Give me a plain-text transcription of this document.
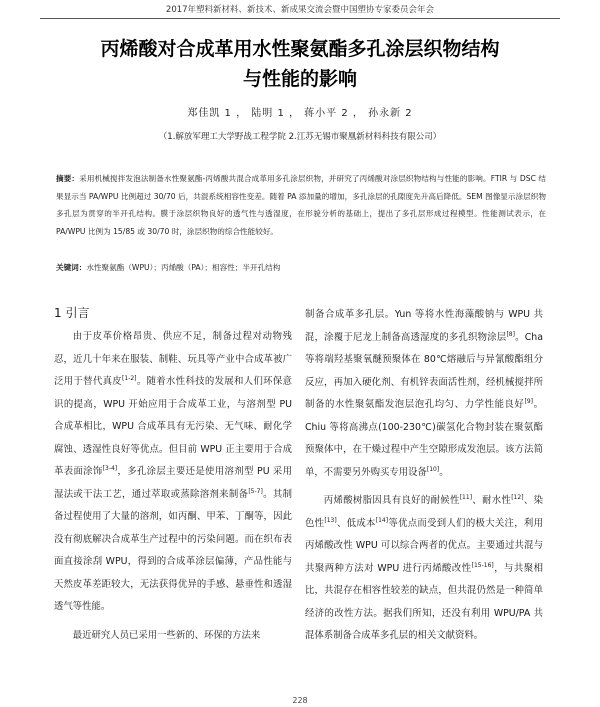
2017年塑料新材料、新技术、新成果交流会暨中国塑协专家委员会年会
丙烯酸对合成革用水性聚氨酯多孔涂层织物结构
与性能的影响
郑佳凯 1 ， 陆明 1 ， 蒋小平 2 ， 孙永新 2
（1.解放军理工大学野战工程学院 2.江苏无锡市聚凰新材料科技有限公司）
摘要：采用机械搅拌发泡法制备水性聚氨酯-丙烯酸共混合成革用多孔涂层织物，并研究了丙烯酸对涂层织物结构与性能的影响。FTIR 与 DSC 结果显示当 PA/WPU 比例超过 30/70 后，共混系统相容性变差。随着 PA 添加量的增加，多孔涂层的孔隙度先升高后降低。SEM 图像显示涂层织物多孔层为贯穿的半开孔结构。膜于涂层织物良好的透气性与透湿度，在形貌分析的基础上，提出了多孔层形成过程模型。性能测试表示，在 PA/WPU 比例为 15/85 或 30/70 时，涂层织物的综合性能较好。
关键词：水性聚氨酯（WPU）；丙烯酸（PA）；相容性；半开孔结构
1 引言

由于皮革价格昂贵、供应不足，制备过程对动物残忍，近几十年来在服装、制鞋、玩具等产业中合成革被广泛用于替代真皮[1-2]。随着水性科技的发展和人们环保意识的提高，WPU 开始应用于合成革工业，与溶剂型 PU 合成革相比，WPU 合成革具有无污染、无气味、耐化学腐蚀、透湿性良好等优点。但目前 WPU 正主要用于合成革表面涂饰[3-4]，多孔涂层主要还是使用溶剂型 PU 采用湿法或干法工艺，通过萃取或蒸除溶剂来制备[5-7]。其制备过程使用了大量的溶剂，如丙酮、甲苯、丁酮等，因此没有彻底解决合成革生产过程中的污染问题。而在织布表面直接涂刮 WPU，得到的合成革涂层偏薄，产品性能与天然皮革差距较大，无法获得优异的手感、悬垂性和透湿透气等性能。

最近研究人员已采用一些新的、环保的方法来

制备合成革多孔层。Yun 等将水性海藻酸钠与 WPU 共混，涂覆于尼龙上制备高透湿度的多孔织物涂层[8]。Cha 等将端羟基聚氧醚预聚体在 80℃熔融后与异氰酸酯组分反应，再加入硬化剂、有机锌表面活性剂，经机械搅拌所制备的水性聚氨酯发泡层泡孔均匀、力学性能良好[9]。Chiu 等将高沸点(100-230℃)碳氢化合物封装在聚氨酯预聚体中，在干燥过程中产生空隙形成发泡层。该方法简单，不需要另外购买专用设备[10]。

丙烯酸树脂因具有良好的耐候性[11]、耐水性[12]、染色性[13]、低成本[14]等优点而受到人们的极大关注，利用丙烯酸改性 WPU 可以综合两者的优点。主要通过共混与共聚两种方法对 WPU 进行丙烯酸改性[15-16]，与共聚相比，共混存在相容性较差的缺点，但共混仍然是一种简单经济的改性方法。据我们所知，还没有利用 WPU/PA 共混体系制备合成革多孔层的相关文献资料。

228
